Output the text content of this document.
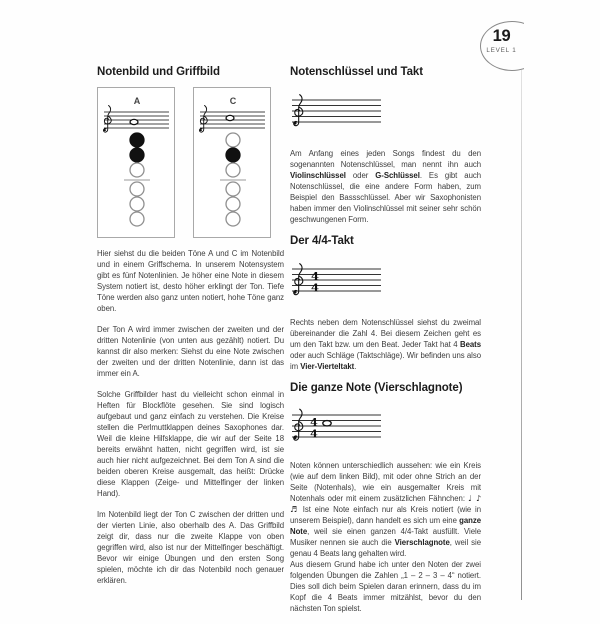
19
LEVEL 1
Notenbild und Griffbild
A	C

Hier siehst du die beiden Töne A und C im Notenbild und in einem Griffschema. In unserem Notensystem gibt es fünf Notenlinien. Je höher eine Note in diesem System notiert ist, desto höher erklingt der Ton. Tiefe Töne werden also ganz unten notiert, hohe Töne ganz oben.

Der Ton A wird immer zwischen der zweiten und der dritten Notenlinie (von unten aus gezählt) notiert. Du kannst dir also merken: Siehst du eine Note zwischen der zweiten und der dritten Notenlinie, dann ist das immer ein A.

Solche Griffbilder hast du vielleicht schon einmal in Heften für Blockflöte gesehen. Sie sind logisch aufgebaut und ganz einfach zu verstehen. Die Kreise stellen die Perlmuttklappen deines Saxophones dar. Weil die kleine Hilfsklappe, die wir auf der Seite 18 bereits erwähnt hatten, nicht gegriffen wird, ist sie auch hier nicht aufgezeichnet. Bei dem Ton A sind die beiden oberen Kreise ausgemalt, das heißt: Drücke diese Klappen (Zeige- und Mittelfinger der linken Hand).

Im Notenbild liegt der Ton C zwischen der dritten und der vierten Linie, also oberhalb des A. Das Griffbild zeigt dir, dass nur die zweite Klappe von oben gegriffen wird, also ist nur der Mittelfinger beschäftigt. Bevor wir einige Übungen und den ersten Song spielen, möchte ich dir das Notenbild noch genauer erklären.

Notenschlüssel und Takt

Am Anfang eines jeden Songs findest du den sogenannten Notenschlüssel, man nennt ihn auch Violinschlüssel oder G-Schlüssel. Es gibt auch Notenschlüssel, die eine andere Form haben, zum Beispiel den Bassschlüssel. Aber wir Saxophonisten haben immer den Violinschlüssel mit seiner sehr schön geschwungenen Form.

Der 4/4-Takt
4
4

Rechts neben dem Notenschlüssel siehst du zweimal übereinander die Zahl 4. Bei diesem Zeichen geht es um den Takt bzw. um den Beat. Jeder Takt hat 4 Beats oder auch Schläge (Taktschläge). Wir befinden uns also im Vier-Vierteltakt.

Die ganze Note (Vierschlagnote)
4
4

Noten können unterschiedlich aussehen: wie ein Kreis (wie auf dem linken Bild), mit oder ohne Strich an der Seite (Notenhals), wie ein ausgemalter Kreis mit Notenhals oder mit einem zusätzlichen Fähnchen: ♩ ♪ ♬ Ist eine Note einfach nur als Kreis notiert (wie in unserem Beispiel), dann handelt es sich um eine ganze Note, weil sie einen ganzen 4/4-Takt ausfüllt. Viele Musiker nennen sie auch die Vierschlagnote, weil sie genau 4 Beats lang gehalten wird.

Aus diesem Grund habe ich unter den Noten der zwei folgenden Übungen die Zahlen „1 – 2 – 3 – 4“ notiert. Dies soll dich beim Spielen daran erinnern, dass du im Kopf die 4 Beats immer mitzählst, bevor du den nächsten Ton spielst.
